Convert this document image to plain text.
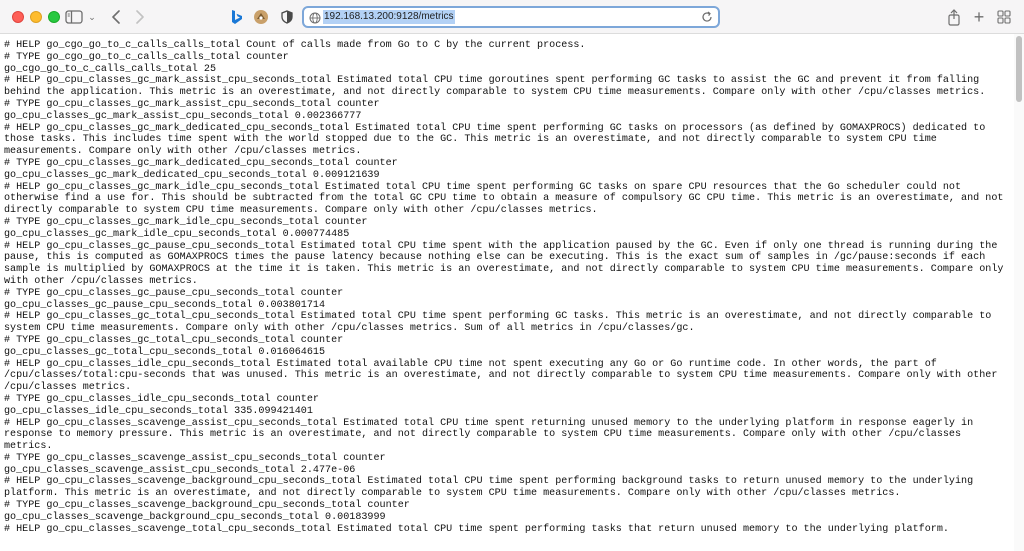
⌄	192.168.13.200:9128/metrics	+
# HELP go_cgo_go_to_c_calls_calls_total Count of calls made from Go to C by the current process.
# TYPE go_cgo_go_to_c_calls_calls_total counter
go_cgo_go_to_c_calls_calls_total 25
# HELP go_cpu_classes_gc_mark_assist_cpu_seconds_total Estimated total CPU time goroutines spent performing GC tasks to assist the GC and prevent it from falling behind the application. This metric is an overestimate, and not directly comparable to system CPU time measurements. Compare only with other /cpu/classes metrics.
# TYPE go_cpu_classes_gc_mark_assist_cpu_seconds_total counter
go_cpu_classes_gc_mark_assist_cpu_seconds_total 0.002366777
# HELP go_cpu_classes_gc_mark_dedicated_cpu_seconds_total Estimated total CPU time spent performing GC tasks on processors (as defined by GOMAXPROCS) dedicated to those tasks. This includes time spent with the world stopped due to the GC. This metric is an overestimate, and not directly comparable to system CPU time measurements. Compare only with other /cpu/classes metrics.
# TYPE go_cpu_classes_gc_mark_dedicated_cpu_seconds_total counter
go_cpu_classes_gc_mark_dedicated_cpu_seconds_total 0.009121639
# HELP go_cpu_classes_gc_mark_idle_cpu_seconds_total Estimated total CPU time spent performing GC tasks on spare CPU resources that the Go scheduler could not otherwise find a use for. This should be subtracted from the total GC CPU time to obtain a measure of compulsory GC CPU time. This metric is an overestimate, and not directly comparable to system CPU time measurements. Compare only with other /cpu/classes metrics.
# TYPE go_cpu_classes_gc_mark_idle_cpu_seconds_total counter
go_cpu_classes_gc_mark_idle_cpu_seconds_total 0.000774485
# HELP go_cpu_classes_gc_pause_cpu_seconds_total Estimated total CPU time spent with the application paused by the GC. Even if only one thread is running during the pause, this is computed as GOMAXPROCS times the pause latency because nothing else can be executing. This is the exact sum of samples in /gc/pause:seconds if each sample is multiplied by GOMAXPROCS at the time it is taken. This metric is an overestimate, and not directly comparable to system CPU time measurements. Compare only with other /cpu/classes metrics.
# TYPE go_cpu_classes_gc_pause_cpu_seconds_total counter
go_cpu_classes_gc_pause_cpu_seconds_total 0.003801714
# HELP go_cpu_classes_gc_total_cpu_seconds_total Estimated total CPU time spent performing GC tasks. This metric is an overestimate, and not directly comparable to system CPU time measurements. Compare only with other /cpu/classes metrics. Sum of all metrics in /cpu/classes/gc.
# TYPE go_cpu_classes_gc_total_cpu_seconds_total counter
go_cpu_classes_gc_total_cpu_seconds_total 0.016064615
# HELP go_cpu_classes_idle_cpu_seconds_total Estimated total available CPU time not spent executing any Go or Go runtime code. In other words, the part of /cpu/classes/total:cpu-seconds that was unused. This metric is an overestimate, and not directly comparable to system CPU time measurements. Compare only with other /cpu/classes metrics.
# TYPE go_cpu_classes_idle_cpu_seconds_total counter
go_cpu_classes_idle_cpu_seconds_total 335.099421401
# HELP go_cpu_classes_scavenge_assist_cpu_seconds_total Estimated total CPU time spent returning unused memory to the underlying platform in response eagerly in response to memory pressure. This metric is an overestimate, and not directly comparable to system CPU time measurements. Compare only with other /cpu/classes metrics.
# TYPE go_cpu_classes_scavenge_assist_cpu_seconds_total counter
go_cpu_classes_scavenge_assist_cpu_seconds_total 2.477e-06
# HELP go_cpu_classes_scavenge_background_cpu_seconds_total Estimated total CPU time spent performing background tasks to return unused memory to the underlying platform. This metric is an overestimate, and not directly comparable to system CPU time measurements. Compare only with other /cpu/classes metrics.
# TYPE go_cpu_classes_scavenge_background_cpu_seconds_total counter
go_cpu_classes_scavenge_background_cpu_seconds_total 0.00183999
# HELP go_cpu_classes_scavenge_total_cpu_seconds_total Estimated total CPU time spent performing tasks that return unused memory to the underlying platform.
